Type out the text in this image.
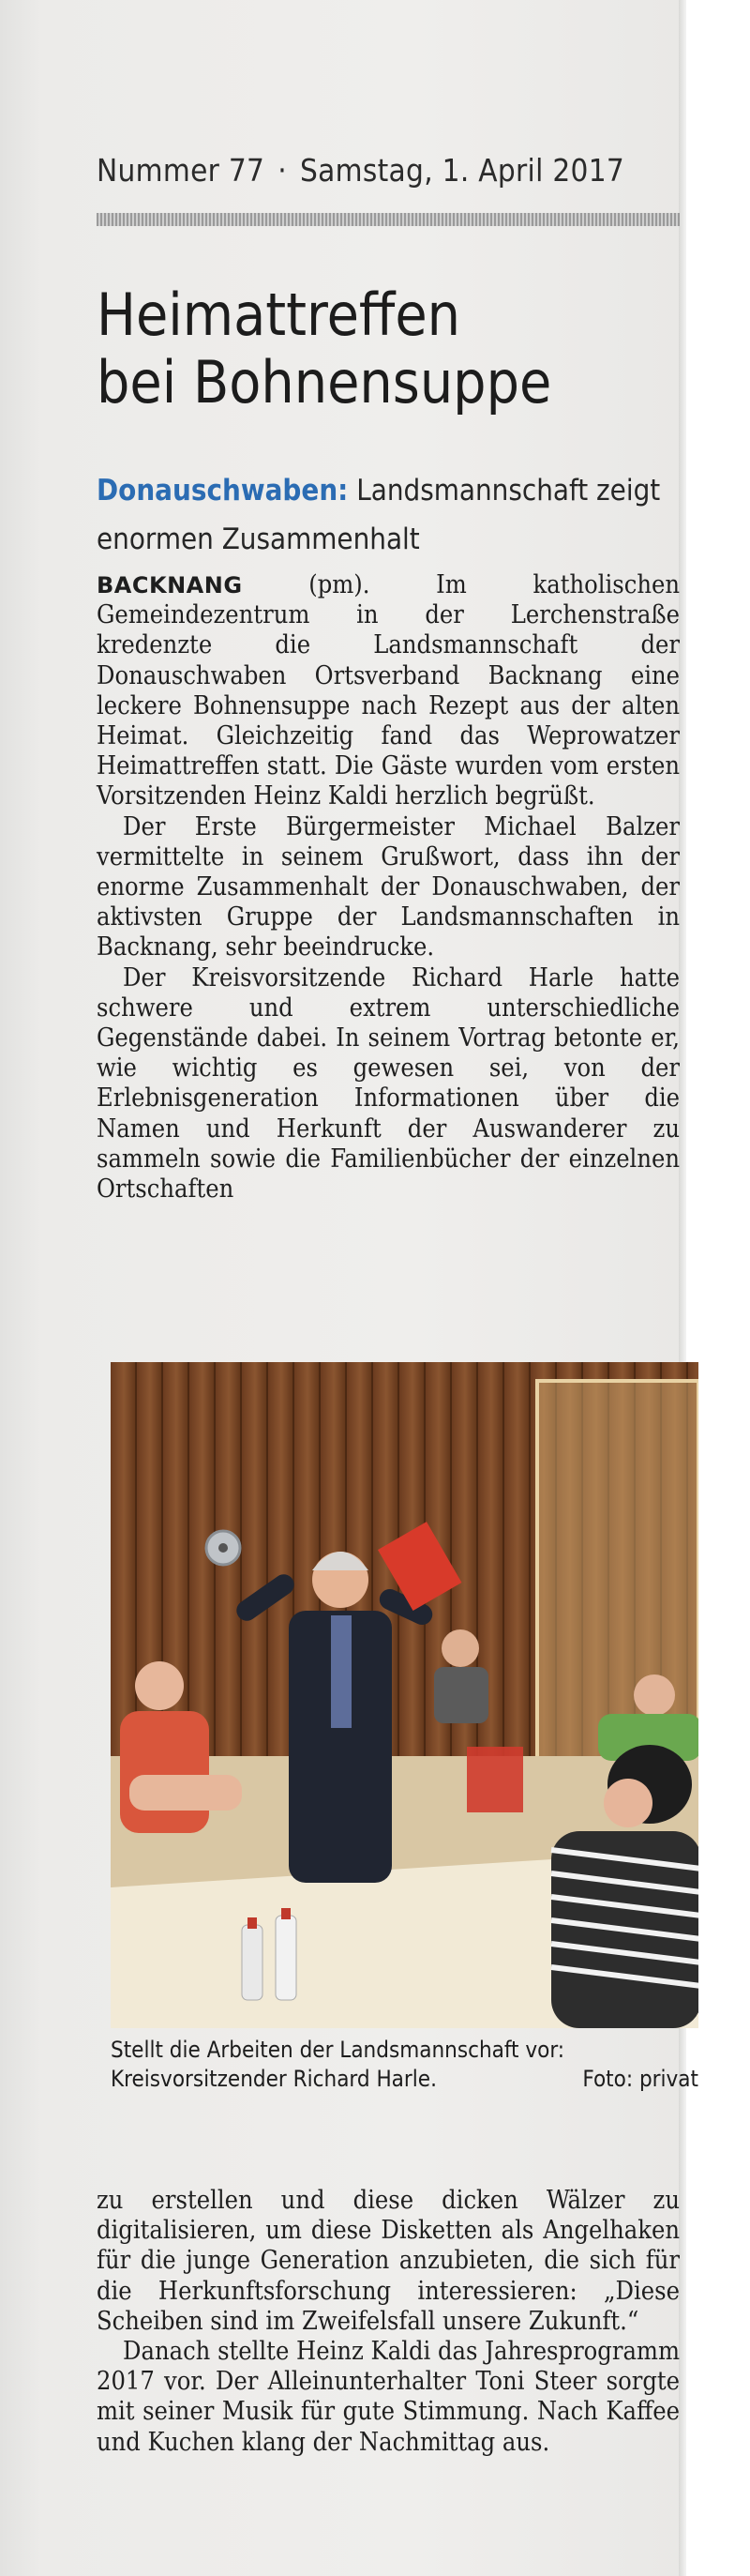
Nummer 77 · Samstag, 1. April 2017
Heimattreffen
bei Bohnensuppe
Donauschwaben: Landsmannschaft zeigt enormen Zusammenhalt

BACKNANG	(pm). Im katholischen Gemeindezentrum in der Lerchenstraße kredenzte die Landsmannschaft der Donauschwaben Ortsverband Backnang eine leckere Bohnensuppe nach Rezept aus der alten Heimat. Gleichzeitig fand das Weprowatzer Heimattreffen statt. Die Gäste wurden vom ersten Vorsitzenden Heinz Kaldi herzlich begrüßt.

Der Erste Bürgermeister Michael Balzer vermittelte in seinem Grußwort, dass ihn der enorme Zusammenhalt der Donauschwaben, der aktivsten Gruppe der Landsmannschaften in Backnang, sehr beeindrucke.

Der Kreisvorsitzende Richard Harle hatte schwere und extrem unterschiedliche Gegenstände dabei. In seinem Vortrag betonte er, wie wichtig es gewesen sei, von der Erlebnisgeneration Informationen über die Namen und Herkunft der Auswanderer zu sammeln sowie die Familienbücher der einzelnen Ortschaften

Stellt die Arbeiten der Landsmannschaft vor:
Kreisvorsitzender Richard Harle.	Foto: privat

zu erstellen und diese dicken Wälzer zu digitalisieren, um diese Disketten als Angelhaken für die junge Generation anzubieten, die sich für die Herkunftsforschung interessieren: „Diese Scheiben sind im Zweifelsfall unsere Zukunft.“

Danach stellte Heinz Kaldi das Jahresprogramm 2017 vor. Der Alleinunterhalter Toni Steer sorgte mit seiner Musik für gute Stimmung. Nach Kaffee und Kuchen klang der Nachmittag aus.
